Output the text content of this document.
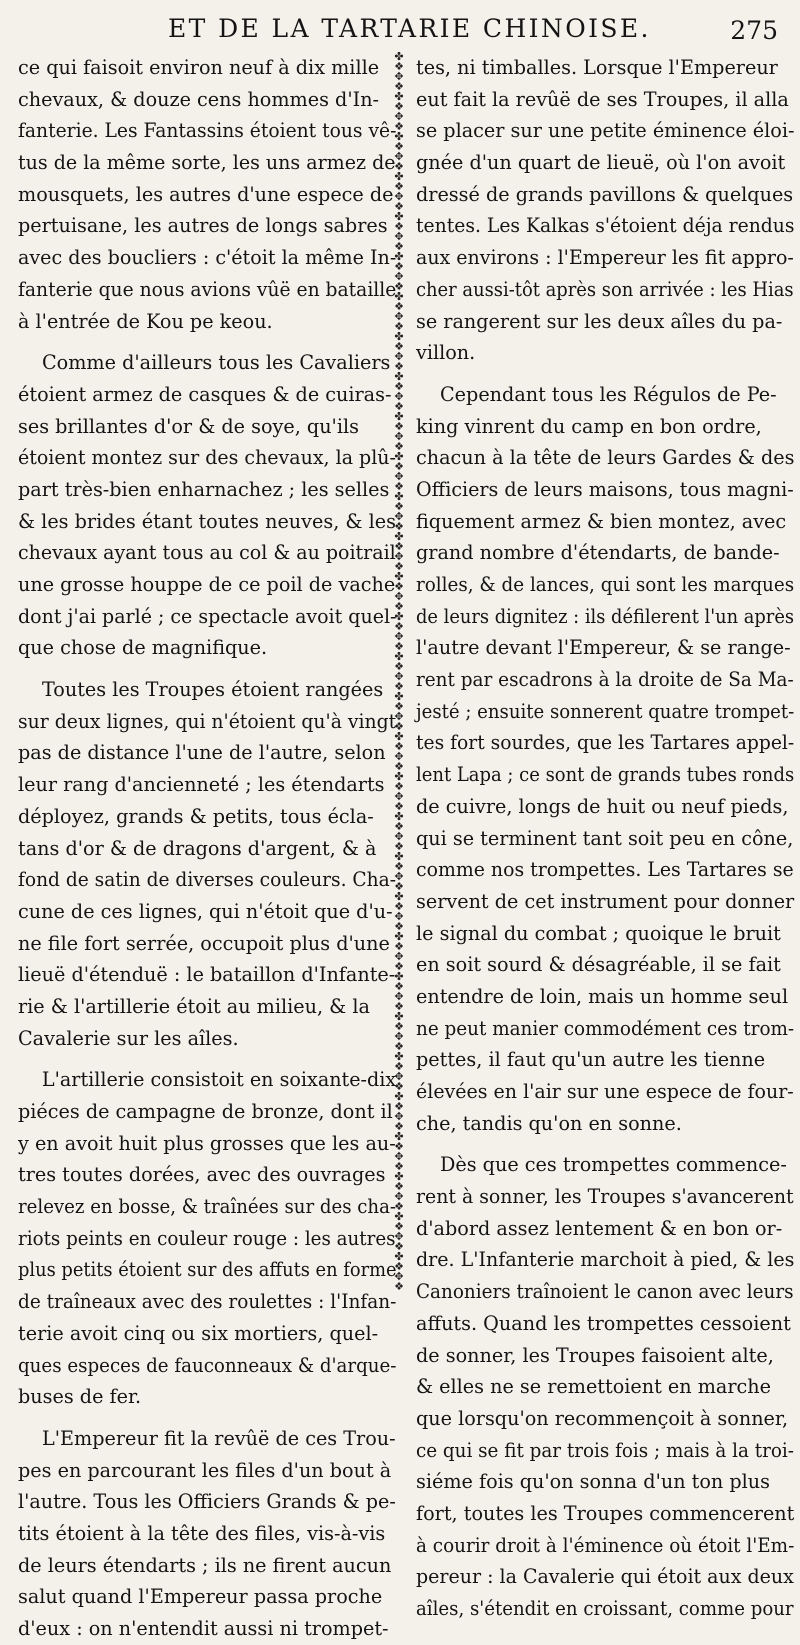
ET DE LA TARTARIE CHINOISE.	275

ce qui faisoit environ neuf à dix mille
chevaux, & douze cens hommes d'In-
fanterie. Les Fantassins étoient tous vê-
tus de la même sorte, les uns armez de
mousquets, les autres d'une espece de
pertuisane, les autres de longs sabres
avec des boucliers : c'étoit la même In-
fanterie que nous avions vûë en bataille
à l'entrée de Kou pe keou.

Comme d'ailleurs tous les Cavaliers
étoient armez de casques & de cuiras-
ses brillantes d'or & de soye, qu'ils
étoient montez sur des chevaux, la plû-
part très-bien enharnachez ; les selles
& les brides étant toutes neuves, & les
chevaux ayant tous au col & au poitrail
une grosse houppe de ce poil de vache
dont j'ai parlé ; ce spectacle avoit quel-
que chose de magnifique.

Toutes les Troupes étoient rangées
sur deux lignes, qui n'étoient qu'à vingt
pas de distance l'une de l'autre, selon
leur rang d'ancienneté ; les étendarts
déployez, grands & petits, tous écla-
tans d'or & de dragons d'argent, & à
fond de satin de diverses couleurs. Cha-
cune de ces lignes, qui n'étoit que d'u-
ne file fort serrée, occupoit plus d'une
lieuë d'étenduë : le bataillon d'Infante-
rie & l'artillerie étoit au milieu, & la
Cavalerie sur les aîles.

L'artillerie consistoit en soixante-dix
piéces de campagne de bronze, dont il
y en avoit huit plus grosses que les au-
tres toutes dorées, avec des ouvrages
relevez en bosse, & traînées sur des cha-
riots peints en couleur rouge : les autres
plus petits étoient sur des affuts en forme
de traîneaux avec des roulettes : l'Infan-
terie avoit cinq ou six mortiers, quel-
ques especes de fauconneaux & d'arque-
buses de fer.

L'Empereur fit la revûë de ces Trou-
pes en parcourant les files d'un bout à
l'autre. Tous les Officiers Grands & pe-
tits étoient à la tête des files, vis-à-vis
de leurs étendarts ; ils ne firent aucun
salut quand l'Empereur passa proche
d'eux : on n'entendit aussi ni trompet-

✤
❖
✥
❖
✤
❖
✥
❖
✤
❖
✥
❖
✤
❖
✥
❖
✤
❖
✥
❖
✤
❖
✥
❖
✤
❖
✥
❖
✤
❖
✥
❖
✤
❖
✥
❖
✤
❖
✥
❖
✤
❖
✥
❖
✤
❖
✥
❖
✤
❖
✥
❖
✤
❖
✥
❖
✤
❖
✥
❖
✤
❖
✥
❖
✤
❖
✥
❖
✤
❖
✥
❖
✤
❖
✥
❖
✤
❖
✥
❖
✤
❖
✥
❖
✤
❖
✥
❖
✤
❖
✥
❖
✤
❖
✥
❖
✤
❖
✥
❖
✤
❖
✥
❖
✤
❖
✥
❖
✤
❖
✥
❖
✤
❖
✥
❖
✤
❖
✥
❖
✤
❖
✥
❖

tes, ni timballes. Lorsque l'Empereur
eut fait la revûë de ses Troupes, il alla
se placer sur une petite éminence éloi-
gnée d'un quart de lieuë, où l'on avoit
dressé de grands pavillons & quelques
tentes. Les Kalkas s'étoient déja rendus
aux environs : l'Empereur les fit appro-
cher aussi-tôt après son arrivée : les Hias
se rangerent sur les deux aîles du pa-
villon.

Cependant tous les Régulos de Pe-
king vinrent du camp en bon ordre,
chacun à la tête de leurs Gardes & des
Officiers de leurs maisons, tous magni-
fiquement armez & bien montez, avec
grand nombre d'étendarts, de bande-
rolles, & de lances, qui sont les marques
de leurs dignitez : ils défilerent l'un après
l'autre devant l'Empereur, & se range-
rent par escadrons à la droite de Sa Ma-
jesté ; ensuite sonnerent quatre trompet-
tes fort sourdes, que les Tartares appel-
lent Lapa ; ce sont de grands tubes ronds
de cuivre, longs de huit ou neuf pieds,
qui se terminent tant soit peu en cône,
comme nos trompettes. Les Tartares se
servent de cet instrument pour donner
le signal du combat ; quoique le bruit
en soit sourd & désagréable, il se fait
entendre de loin, mais un homme seul
ne peut manier commodément ces trom-
pettes, il faut qu'un autre les tienne
élevées en l'air sur une espece de four-
che, tandis qu'on en sonne.

Dès que ces trompettes commence-
rent à sonner, les Troupes s'avancerent
d'abord assez lentement & en bon or-
dre. L'Infanterie marchoit à pied, & les
Canoniers traînoient le canon avec leurs
affuts. Quand les trompettes cessoient
de sonner, les Troupes faisoient alte,
& elles ne se remettoient en marche
que lorsqu'on recommençoit à sonner,
ce qui se fit par trois fois ; mais à la troi-
siéme fois qu'on sonna d'un ton plus
fort, toutes les Troupes commencerent
à courir droit à l'éminence où étoit l'Em-
pereur : la Cavalerie qui étoit aux deux
aîles, s'étendit en croissant, comme pour
